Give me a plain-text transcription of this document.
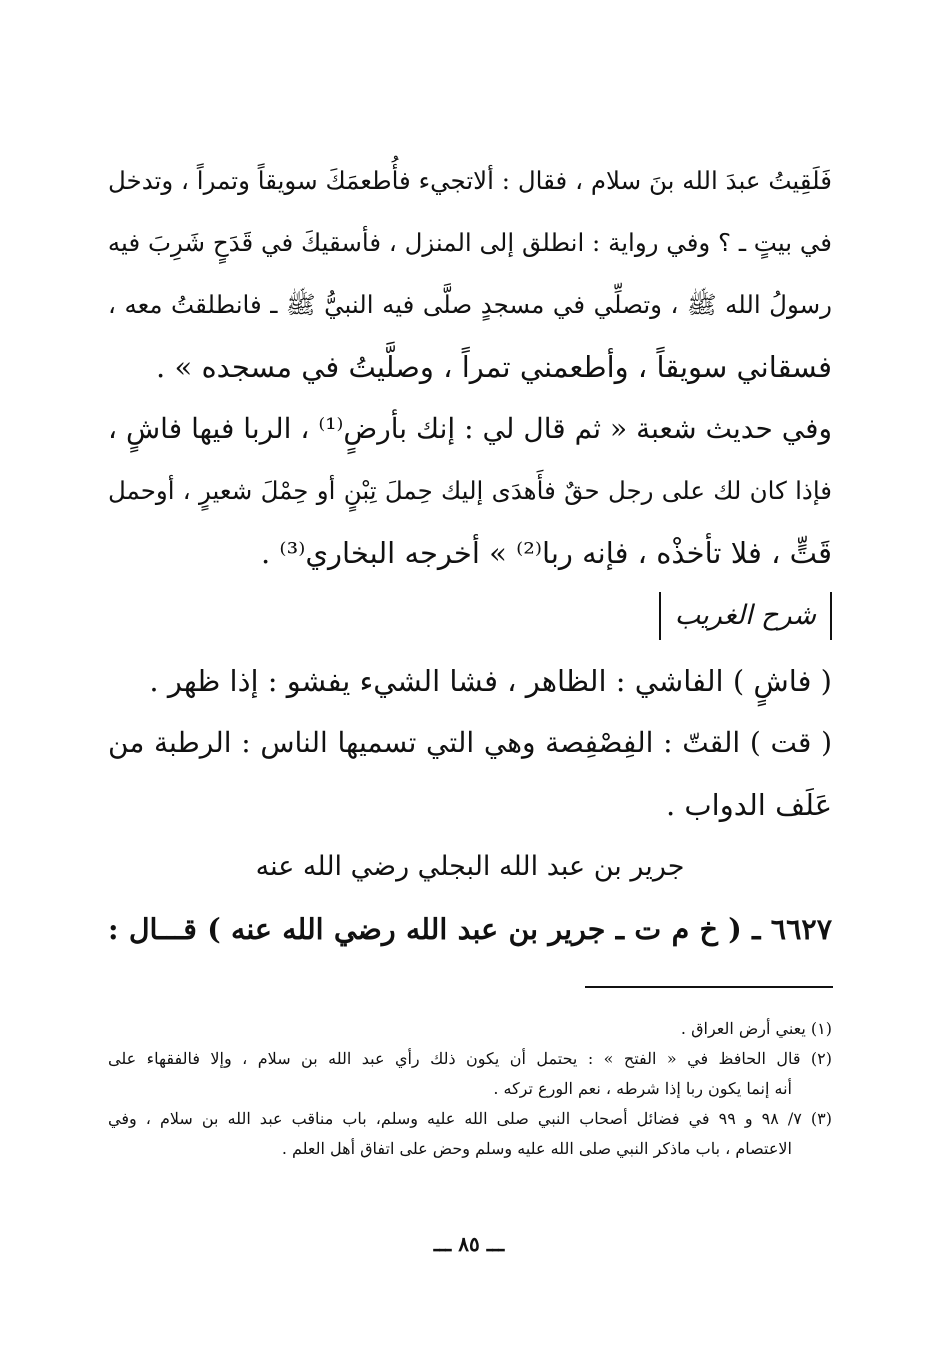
فَلَقِيتُ عبدَ الله بنَ سلام ، فقال : ألاتجيء فأُطعمَكَ سويقاً وتمراً ، وتدخل
في بيتٍ ـ ؟ وفي رواية : انطلق إلى المنزل ، فأسقيكَ في قَدَحٍ شَرِبَ فيه
رسولُ الله ﷺ ، وتصلِّي في مسجدٍ صلَّى فيه النبيُّ ﷺ ـ فانطلقتُ معه ،
فسقاني سويقاً ، وأطعمني تمراً ، وصلَّيتُ في مسجده » .
وفي حديث شعبة « ثم قال لي : إنك بأرضٍ⁽¹⁾ ، الربا فيها فاشٍ ،
فإذا كان لك على رجل حقٌ فأَهدَى إليك حِملَ تِبْنٍ أو حِمْلَ شعيرٍ ، أوحمل
قَتٍّ ، فلا تأخذْه ، فإنه ربا⁽²⁾ » أخرجه البخاري⁽³⁾ .
شرح الغريب
( فاشٍ ) الفاشي : الظاهر ، فشا الشيء يفشو : إذا ظهر .
( قت ) القتّ : الفِصْفِصة وهي التي تسميها الناس : الرطبة من
عَلَف الدواب .
جرير بن عبد الله البجلي رضي الله عنه
٦٦٢٧ ـ ( خ م ت ـ جرير بن عبد الله رضي الله عنه ) قـــال :
(١) يعني أرض العراق .
(٢) قال الحافظ في « الفتح » : يحتمل أن يكون ذلك رأي عبد الله بن سلام ، وإلا فالفقهاء على
أنه إنما يكون ربا إذا شرطه ، نعم الورع تركه .
(٣) ٧/ ٩٨ و ٩٩ في فضائل أصحاب النبي صلى الله عليه وسلم، باب مناقب عبد الله بن سلام ، وفي
الاعتصام ، باب ماذكر النبي صلى الله عليه وسلم وحض على اتفاق أهل العلم .
ـــ ٨٥ ـــ
